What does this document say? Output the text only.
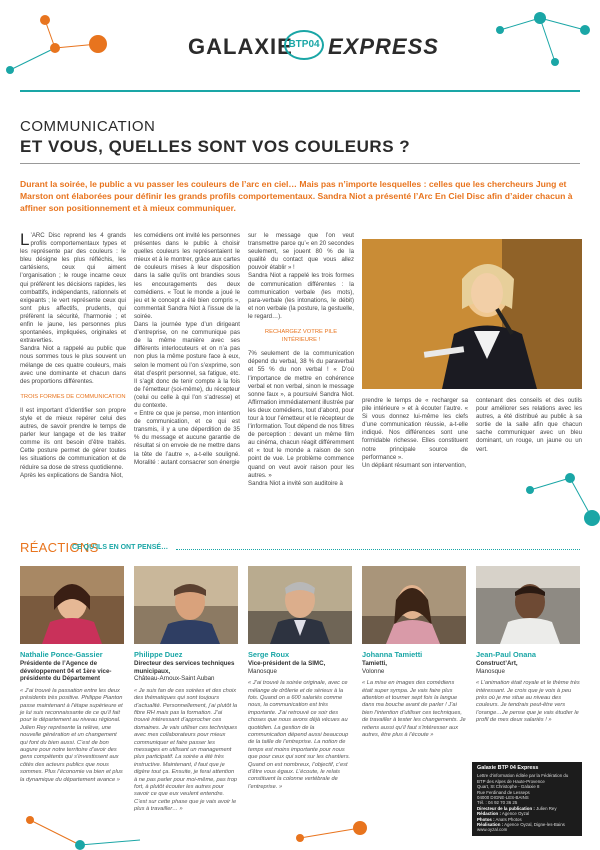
GALAXIE
BTP04 EXPRESS
COMMUNICATION
ET VOUS, QUELLES SONT VOS COULEURS ?
Durant la soirée, le public a vu passer les couleurs de l’arc en ciel… Mais pas n’importe lesquelles : celles que les chercheurs Jung et Marston ont élaborées pour définir les grands profils comportementaux. Sandra Niot a présenté l’Arc En Ciel Disc afin d’aider chacun à affiner son positionnement et à mieux communiquer.

L ’ARC Disc reprend les 4 grands profils comportementaux types et les représente par des couleurs : le bleu désigne les plus réfléchis, les cartésiens, ceux qui aiment l’organisation ; le rouge incarne ceux qui préfèrent les décisions rapides, les combattifs, indépendants, rationnels et exigeants ; le vert représente ceux qui sont plus affectifs, prudents, qui préfèrent la sécurité, l’harmonie ; et enfin le jaune, les personnes plus spontanées, impliquées, originales et extraverties.

Sandra Niot a rappelé au public que nous sommes tous le plus souvent un mélange de ces quatre couleurs, mais avec une dominante et chacun dans des proportions différentes.

TROIS FORMES DE COMMUNICATION

Il est important d’identifier son propre style et de mieux repérer celui des autres, de savoir prendre le temps de parler leur langage et de les traiter comme ils ont besoin d’être traités. Cette posture permet de gérer toutes les situations de communication et de réduire sa dose de stress quotidienne.

Après les explications de Sandra Niot,

les comédiens ont invité les personnes présentes dans le public à choisir quelles couleurs les représentaient le mieux et à le montrer, grâce aux cartes de couleurs mises à leur disposition dans la salle qu’ils ont brandies sous les encouragements des deux comédiens. « Tout le monde a joué le jeu et le concept a été bien compris », commentait Sandra Niot à l’issue de la soirée.

Dans la journée type d’un dirigeant d’entreprise, on ne communique pas de la même manière avec ses différents interlocuteurs et on n’a pas non plus la même posture face à eux, selon le moment où l’on s’exprime, son état d’esprit personnel, sa fatigue, etc. Il s’agit donc de tenir compte à la fois de l’émetteur (soi-même), du récepteur (celui ou celle à qui l’on s’adresse) et du contexte.

« Entre ce que je pense, mon intention de communication, et ce qui est transmis, il y a une déperdition de 35 % du message et aucune garantie de résultat si on envoie de ne mettre dans la tête de l’autre », a-t-elle souligné. Moralité : autant consacrer son énergie

sur le message que l’on veut transmettre parce qu’« en 20 secondes seulement, se jouent 80 % de la qualité du contact que vous allez pouvoir établir » !

Sandra Niot a rappelé les trois formes de communication différentes : la communication verbale (les mots), para-verbale (les intonations, le débit) et non verbale (la posture, la gestuelle, le regard…).

RECHARGEZ VOTRE PILE INTÉRIEURE !

7% seulement de la communication dépend du verbal, 38 % du paraverbal et 55 % du non verbal ! « D’où l’importance de mettre en cohérence verbal et non verbal, sinon le message sonne faux », a poursuivi Sandra Niot. Affirmation immédiatement illustrée par les deux comédiens, tout d’abord, pour tour à tour l’émetteur et le récepteur de l’information. Tout dépend de nos filtres de perception : devant un même film au cinéma, chacun réagit différemment et « tout le monde a raison de son point de vue. Le problème commence quand on veut avoir raison pour les autres. »

Sandra Niot a invité son auditoire à

prendre le temps de « recharger sa pile intérieure » et à écouter l’autre. « Si vous donnez lui-même les clefs d’une communication réussie, a-t-elle indiqué. Nos différences sont une formidable richesse. Elles constituent notre principale source de performance ».

Un dépliant résumant son intervention,

contenant des conseils et des outils pour améliorer ses relations avec les autres, a été distribué au public à sa sortie de la salle afin que chacun sache communiquer avec un bleu dominant, un rouge, un jaune ou un vert.

RÉACTIONS
CE QU’ILS EN ONT PENSÉ…
Nathalie Ponce-Gassier
Présidente de l’Agence de développement 04 et 1ère vice-présidente du Département
« J’ai trouvé la passation entre les deux présidents très positive. Philippe Pianton passe maintenant à l’étape supérieure et je lui suis reconnaissante de ce qu’il fait pour le département au niveau régional. Julien Rey représente la relève, une nouvelle génération et un changement qui font du bien aussi. C’est de bon augure pour notre territoire d’avoir des gens compétents qui s’investissent aux côtés des acteurs publics que nous sommes. Plus l’économie va bien et plus la dynamique du département avance »
Philippe Duez
Directeur des services techniques municipaux,
Château-Arnoux-Saint Auban
« Je suis fan de ces soirées et des choix des thématiques qui sont toujours d’actualité. Personnellement, j’ai plutôt la fibre RH mais pas la formation. J’ai trouvé intéressant d’approcher ces domaines. Je vais utiliser ces techniques avec mes collaborateurs pour mieux communiquer et faire passer les messages en utilisant un management plus participatif. La soirée a été très instructive. Maintenant, il faut que je digère tout ça. Ensuite, je ferai attention à ne pas parler pour moi-même, pas trop fort, à plutôt écouter les autres pour savoir ce que eux veulent entendre. C’est sur cette phase que je vais avoir le plus à travailler… »
Serge Roux
Vice-président de la SIMC,
Manosque
« J’ai trouvé la soirée originale, avec ce mélange de drôlerie et de sérieux à la fois. Quand on a 600 salariés comme nous, la communication est très importante. J’ai retrouvé ce soir des choses que nous avons déjà vécues au quotidien. La gestion de la communication dépend aussi beaucoup de la taille de l’entreprise. La notion de temps est moins importante pour nous que pour ceux qui sont sur les chantiers. Quand on est nombreux, l’objectif, c’est d’être vous égaux. L’écoute, le relais constituent la colonne vertébrale de l’entreprise. »
Johanna Tamietti
Tamietti,
Volonne
« La mise en images des comédiens était super sympa. Je vais faire plus attention et tourner sept fois la langue dans ma bouche avant de parler ! J’ai bien l’intention d’utiliser ces techniques, de travailler à tester les changements. Je retiens aussi qu’il faut s’intéresser aux autres, être plus à l’écoute »
Jean-Paul Onana
Construct’Art,
Manosque
« L’animation était royale et le thème très intéressant. Je crois que je vois à peu près où je me situe au niveau des couleurs. Je tendrais peut-être vers l’orange…Je pense que je vais étudier le profil de mes deux salariés ! »
Galaxie BTP 04 Express
Lettre d’information éditée par la Fédération du BTP des Alpes de Haute-Provence
Quart, St Christophe - Galaxie 8
Rue Ferdinand de Lesseps
04000 DIGNE-LES-BAINS
Tél. : 04 92 70 36 25
Directeur de la publication : Julien Rey
Rédaction : Agence Oyzal
Photos : Anaïs Photos
Réalisation : Agence Oyzal, Digne-les-Bains
www.oyzal.com
